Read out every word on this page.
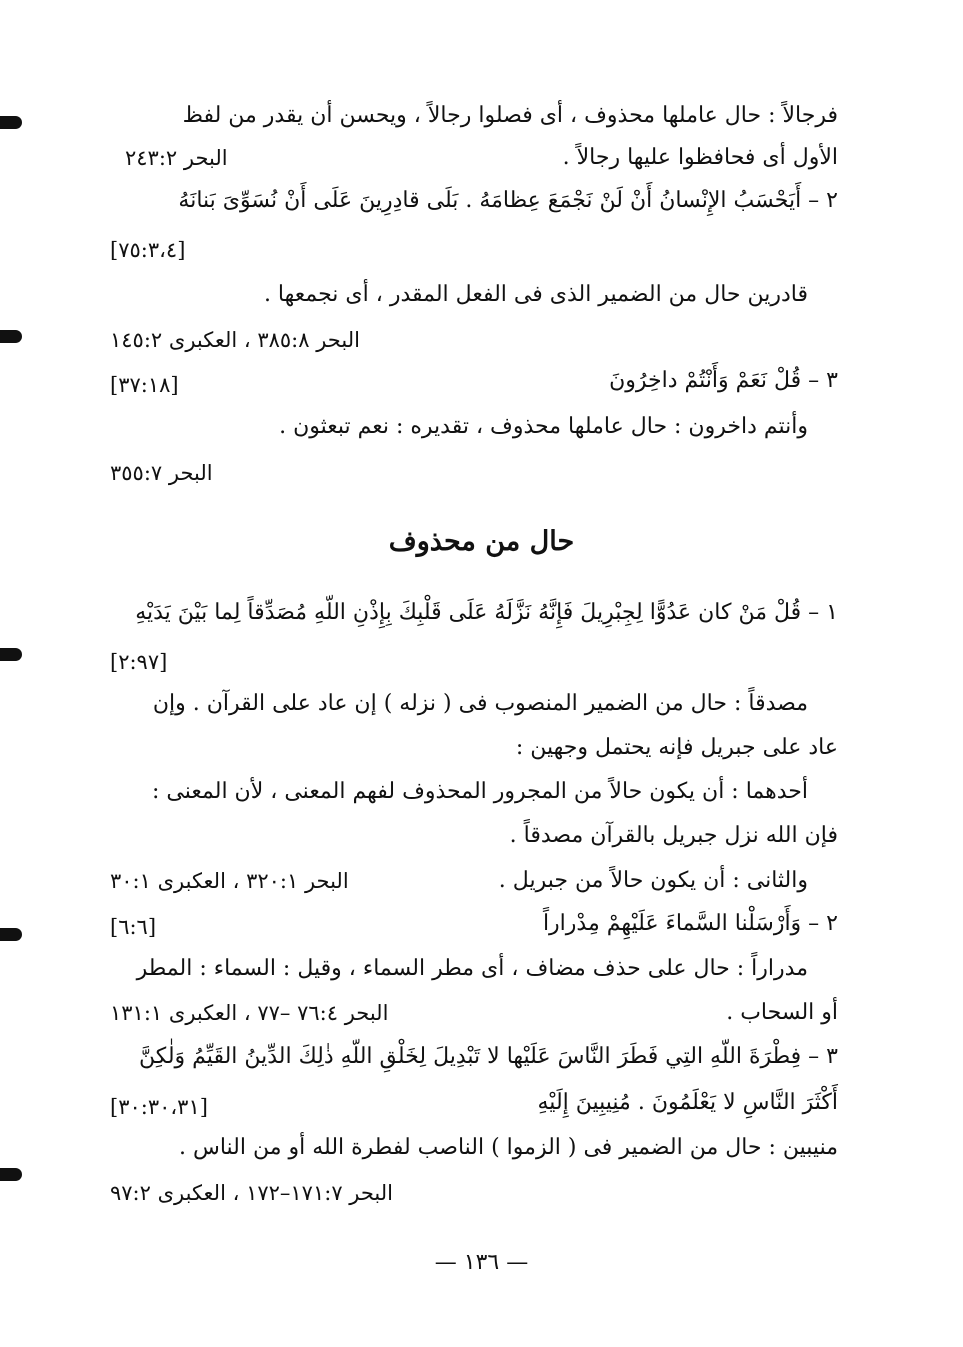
فرجالاً : حال عاملها محذوف ، أى فصلوا رجالاً ، ويحسن أن يقدر من لفظ
الأول أى فحافظوا عليها رجالاً .
البحر ٢٤٣:٢
٢ – أَيَحْسَبُ الإِنْسانُ أَنْ لَنْ نَجْمَعَ عِظامَهُ . بَلَى قادِرِينَ عَلَى أَنْ نُسَوِّىَ بَنانَهُ
[٧٥:٣،٤]
قادرين حال من الضمير الذى فى الفعل المقدر ، أى نجمعها .
البحر ٣٨٥:٨ ، العكبرى ١٤٥:٢
٣ – قُلْ نَعَمْ وَأَنْتُمْ داخِرُونَ
[٣٧:١٨]
وأنتم داخرون : حال عاملها محذوف ، تقديره : نعم تبعثون .
البحر ٣٥٥:٧
حال من محذوف
١ – قُلْ مَنْ كان عَدُوًّا لِجِبْرِيلَ فَإِنَّهُ نَزَّلَهُ عَلَى قَلْبِكَ بِإِذْنِ اللّهِ مُصَدِّقاً لِما بَيْنَ يَدَيْهِ
[٢:٩٧]
مصدقاً : حال من الضمير المنصوب فى ( نزله ) إن عاد على القرآن . وإن
عاد على جبريل فإنه يحتمل وجهين :
أحدهما : أن يكون حالاً من المجرور المحذوف لفهم المعنى ، لأن المعنى :
فإن الله نزل جبريل بالقرآن مصدقاً .
والثانى : أن يكون حالاً من جبريل .
البحر ٣٢٠:١ ، العكبرى ٣٠:١
٢ – وَأَرْسَلْنا السَّماءَ عَلَيْهِمْ مِدْراراً
[٦:٦]
مدراراً : حال على حذف مضاف ، أى مطر السماء ، وقيل : السماء : المطر
أو السحاب .
البحر ٧٦:٤ –٧٧ ، العكبرى ١٣١:١
٣ – فِطْرَةَ اللّهِ التِي فَطَرَ النَّاسَ عَلَيْها لا تَبْدِيلَ لِخَلْقِ اللّهِ ذٰلِكَ الدِّينُ القَيِّمُ وَلٰكِنَّ
أَكْثَرَ النَّاسِ لا يَعْلَمُونَ . مُنِيبِينَ إِلَيْهِ
[٣٠:٣٠،٣١]
منيبين : حال من الضمير فى ( الزموا ) الناصب لفطرة الله أو من الناس .
البحر ١٧١:٧–١٧٢ ، العكبرى ٩٧:٢
— ١٣٦ —
